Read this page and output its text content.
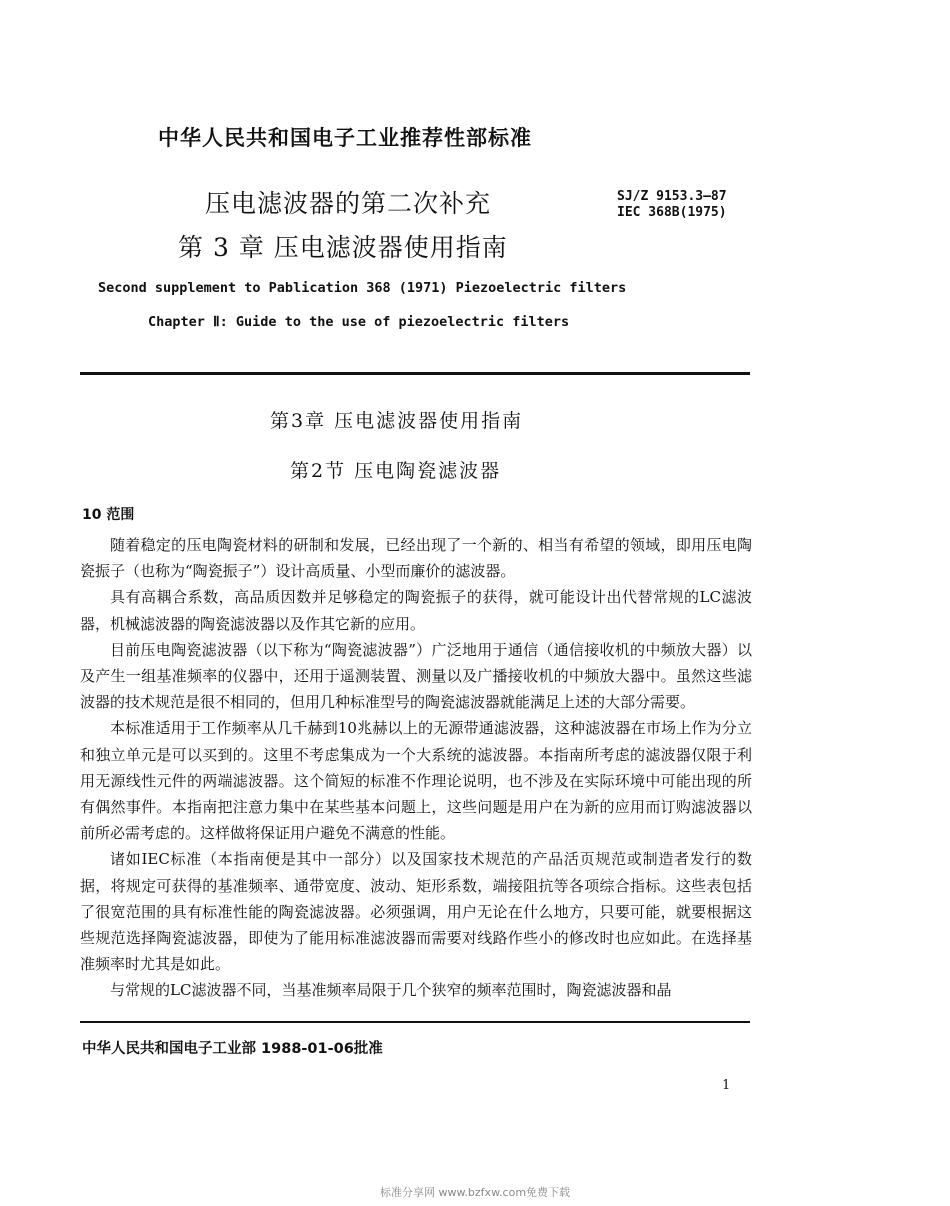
中华人民共和国电子工业推荐性部标准
压电滤波器的第二次补充
第 3 章 压电滤波器使用指南
SJ/Z 9153.3—87
IEC 368B(1975)
Second supplement to Pablication 368 (1971) Piezoelectric filters
Chapter Ⅱ: Guide to the use of piezoelectric filters
第3章 压电滤波器使用指南
第2节 压电陶瓷滤波器
10 范围

随着稳定的压电陶瓷材料的研制和发展，已经出现了一个新的、相当有希望的领域，即用压电陶瓷振子（也称为“陶瓷振子”）设计高质量、小型而廉价的滤波器。

具有高耦合系数，高品质因数并足够稳定的陶瓷振子的获得，就可能设计出代替常规的LC滤波器，机械滤波器的陶瓷滤波器以及作其它新的应用。

目前压电陶瓷滤波器（以下称为“陶瓷滤波器”）广泛地用于通信（通信接收机的中频放大器）以及产生一组基准频率的仪器中，还用于遥测装置、测量以及广播接收机的中频放大器中。虽然这些滤波器的技术规范是很不相同的，但用几种标准型号的陶瓷滤波器就能满足上述的大部分需要。

本标准适用于工作频率从几千赫到10兆赫以上的无源带通滤波器，这种滤波器在市场上作为分立和独立单元是可以买到的。这里不考虑集成为一个大系统的滤波器。本指南所考虑的滤波器仅限于利用无源线性元件的两端滤波器。这个简短的标准不作理论说明，也不涉及在实际环境中可能出现的所有偶然事件。本指南把注意力集中在某些基本问题上，这些问题是用户在为新的应用而订购滤波器以前所必需考虑的。这样做将保证用户避免不满意的性能。

诸如IEC标准（本指南便是其中一部分）以及国家技术规范的产品活页规范或制造者发行的数据，将规定可获得的基准频率、通带宽度、波动、矩形系数，端接阻抗等各项综合指标。这些表包括了很宽范围的具有标准性能的陶瓷滤波器。必须强调，用户无论在什么地方，只要可能，就要根据这些规范选择陶瓷滤波器，即使为了能用标准滤波器而需要对线路作些小的修改时也应如此。在选择基准频率时尤其是如此。

与常规的LC滤波器不同，当基准频率局限于几个狭窄的频率范围时，陶瓷滤波器和晶

中华人民共和国电子工业部 1988-01-06批准
1
标准分享网 www.bzfxw.com免费下载
